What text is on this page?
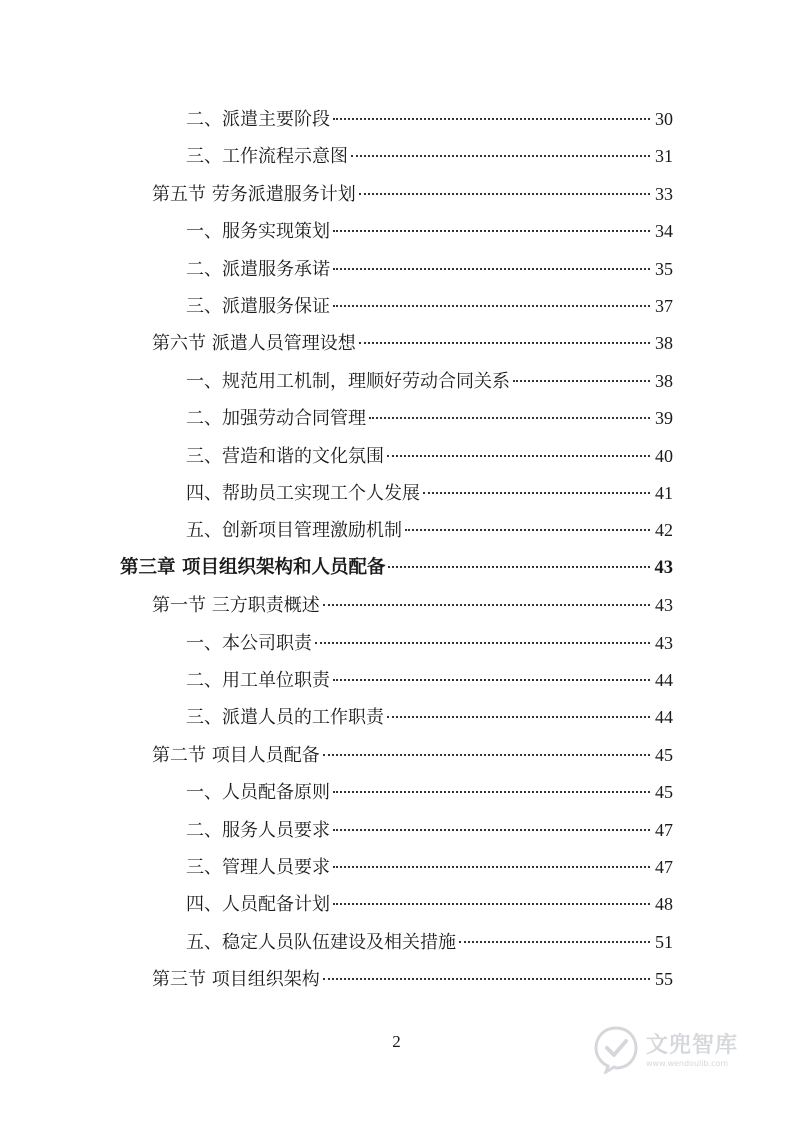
二、派遣主要阶段	30
三、工作流程示意图	31
第五节 劳务派遣服务计划	33
一、服务实现策划	34
二、派遣服务承诺	35
三、派遣服务保证	37
第六节 派遣人员管理设想	38
一、规范用工机制，理顺好劳动合同关系	38
二、加强劳动合同管理	39
三、营造和谐的文化氛围	40
四、帮助员工实现工个人发展	41
五、创新项目管理激励机制	42
第三章 项目组织架构和人员配备	43
第一节 三方职责概述	43
一、本公司职责	43
二、用工单位职责	44
三、派遣人员的工作职责	44
第二节 项目人员配备	45
一、人员配备原则	45
二、服务人员要求	47
三、管理人员要求	47
四、人员配备计划	48
五、稳定人员队伍建设及相关措施	51
第三节 项目组织架构	55
2	文兜智库
www.wendoulib.com
